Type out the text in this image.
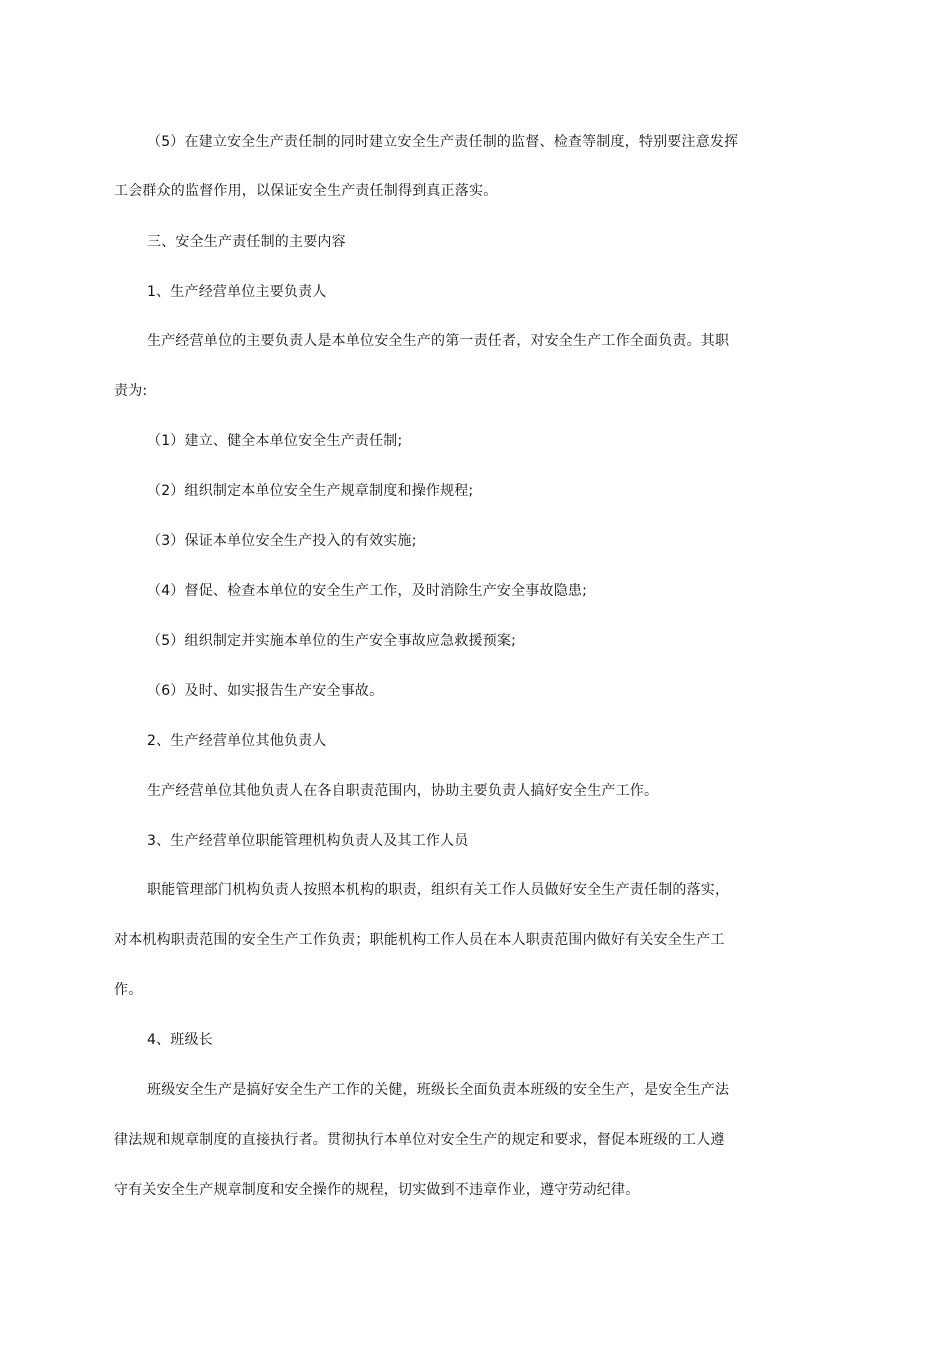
（5）在建立安全生产责任制的同时建立安全生产责任制的监督、检查等制度，特别要注意发挥
工会群众的监督作用，以保证安全生产责任制得到真正落实。
三、安全生产责任制的主要内容
1、生产经营单位主要负责人
生产经营单位的主要负责人是本单位安全生产的第一责任者，对安全生产工作全面负责。其职
责为:
（1）建立、健全本单位安全生产责任制;
（2）组织制定本单位安全生产规章制度和操作规程;
（3）保证本单位安全生产投入的有效实施;
（4）督促、检查本单位的安全生产工作，及时消除生产安全事故隐患;
（5）组织制定并实施本单位的生产安全事故应急救援预案;
（6）及时、如实报告生产安全事故。
2、生产经营单位其他负责人
生产经营单位其他负责人在各自职责范围内，协助主要负责人搞好安全生产工作。
3、生产经营单位职能管理机构负责人及其工作人员
职能管理部门机构负责人按照本机构的职责，组织有关工作人员做好安全生产责任制的落实，
对本机构职责范围的安全生产工作负责；职能机构工作人员在本人职责范围内做好有关安全生产工
作。
4、班级长
班级安全生产是搞好安全生产工作的关健，班级长全面负责本班级的安全生产，是安全生产法
律法规和规章制度的直接执行者。贯彻执行本单位对安全生产的规定和要求，督促本班级的工人遵
守有关安全生产规章制度和安全操作的规程，切实做到不违章作业，遵守劳动纪律。
